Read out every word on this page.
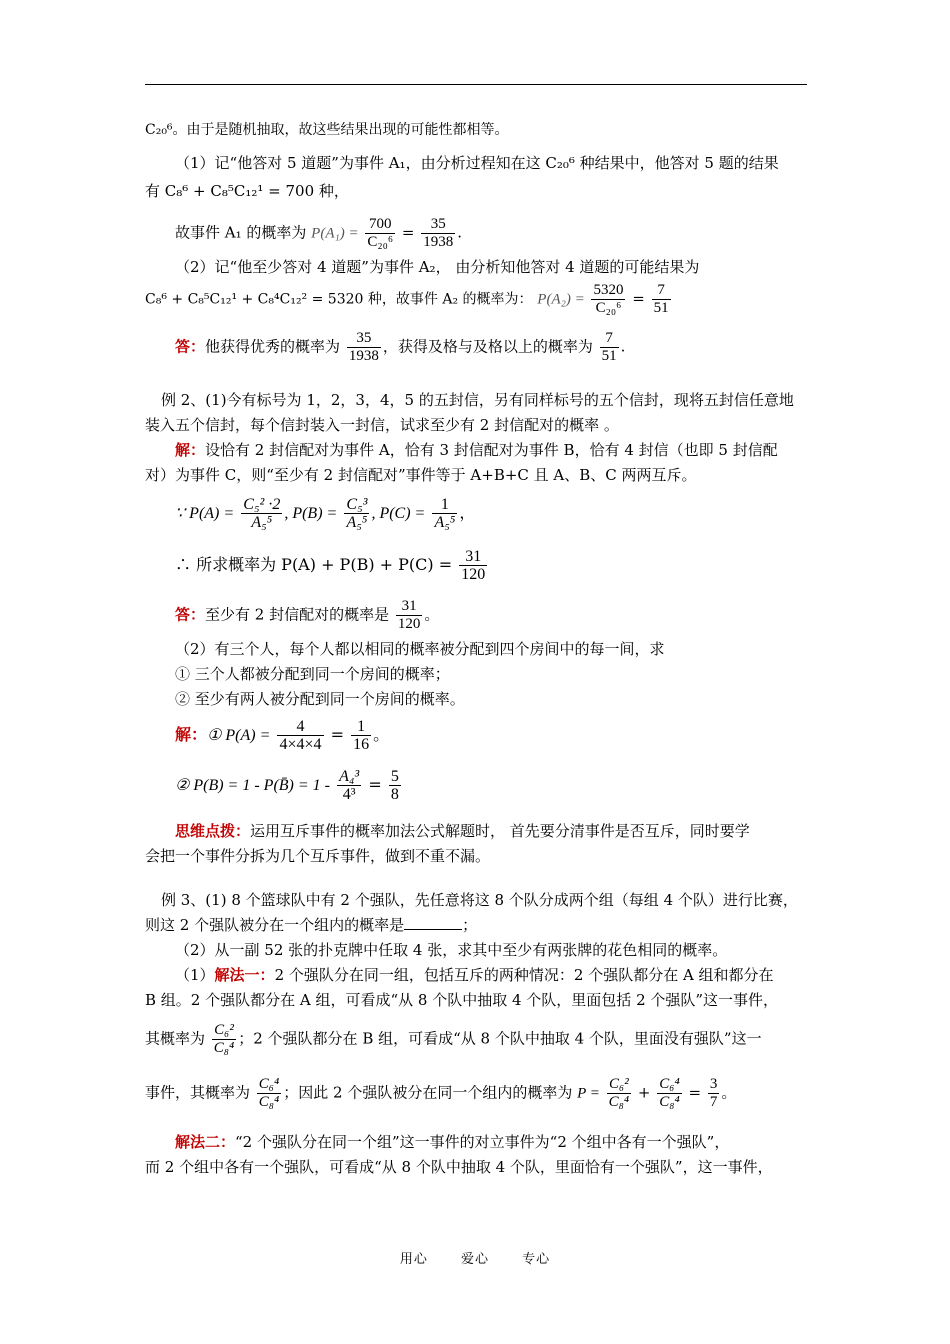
C₂₀⁶。由于是随机抽取，故这些结果出现的可能性都相等。
（1）记“他答对 5 道题”为事件 A₁，由分析过程知在这 C₂₀⁶ 种结果中，他答对 5 题的结果
有 C₈⁶ + C₈⁵C₁₂¹ = 700 种，
故事件 A₁ 的概率为 $P(A_1) = \frac{700}{\text{C₂₀⁶}} = \frac{35}{1938}$ .
（2）记“他至少答对 4 道题”为事件 A₂， 由分析知他答对 4 道题的可能结果为
C₈⁶ + C₈⁵C₁₂¹ + C₈⁴C₁₂² = 5320 种，故事件 A₂ 的概率为： $P(A_2) = \frac{5320}{\text{C₂₀⁶}} = \frac{7}{51}$
答：他获得优秀的概率为 $\frac{35}{1938}$ ，获得及格与及格以上的概率为 $\frac{7}{51}$ .
例 2、(1)今有标号为 1，2，3，4，5 的五封信，另有同样标号的五个信封，现将五封信任意地
装入五个信封，每个信封装入一封信，试求至少有 2 封信配对的概率 。
解：设恰有 2 封信配对为事件 A，恰有 3 封信配对为事件 B，恰有 4 封信（也即 5 封信配
对）为事件 C，则“至少有 2 封信配对”事件等于 A+B+C 且 A、B、C 两两互斥。
∵ $P(A) = \frac{\text{C₅² ·2}}{\text{A₅⁵}}$ , $P(B) = \frac{\text{C₅³}}{\text{A₅⁵}}$ , $P(C) = \frac{1}{\text{A₅⁵}}$ ，
∴ 所求概率为 $P(A) + P(B) + P(C) = \frac{31}{120}$
答：至少有 2 封信配对的概率是 $\frac{31}{120}$ 。
（2）有三个人，每个人都以相同的概率被分配到四个房间中的每一间，求
① 三个人都被分配到同一个房间的概率；
② 至少有两人被分配到同一个房间的概率。
解：① $P(A) = \frac{4}{4\times 4\times 4} = \frac{1}{16}$ 。
② P(B) = 1 - P(B̄) = $1 - \frac{\text{A₄³}}{\text{4³}} = \frac{5}{8}$
思维点拨：运用互斥事件的概率加法公式解题时， 首先要分清事件是否互斥，同时要学
会把一个事件分拆为几个互斥事件，做到不重不漏。
例 3、(1) 8 个篮球队中有 2 个强队，先任意将这 8 个队分成两个组（每组 4 个队）进行比赛，
则这 2 个强队被分在一个组内的概率是	；
（2）从一副 52 张的扑克牌中任取 4 张，求其中至少有两张牌的花色相同的概率。
（1）解法一：2 个强队分在同一组，包括互斥的两种情况：2 个强队都分在 A 组和都分在
B 组。2 个强队都分在 A 组，可看成“从 8 个队中抽取 4 个队，里面包括 2 个强队”这一事件，
其概率为 $\frac{\text{C₆²}}{\text{C₈⁴}}$ ；2 个强队都分在 B 组，可看成“从 8 个队中抽取 4 个队，里面没有强队”这一
事件，其概率为 $\frac{\text{C₆⁴}}{\text{C₈⁴}}$ ；因此 2 个强队被分在同一个组内的概率为 $P = \frac{\text{C₆²}}{\text{C₈⁴}} + \frac{\text{C₆⁴}}{\text{C₈⁴}} = \frac{3}{7}$ 。
解法二：“2 个强队分在同一个组”这一事件的对立事件为“2 个组中各有一个强队”，
而 2 个组中各有一个强队，可看成“从 8 个队中抽取 4 个队，里面恰有一个强队”，这一事件，
用心	爱心	专心
